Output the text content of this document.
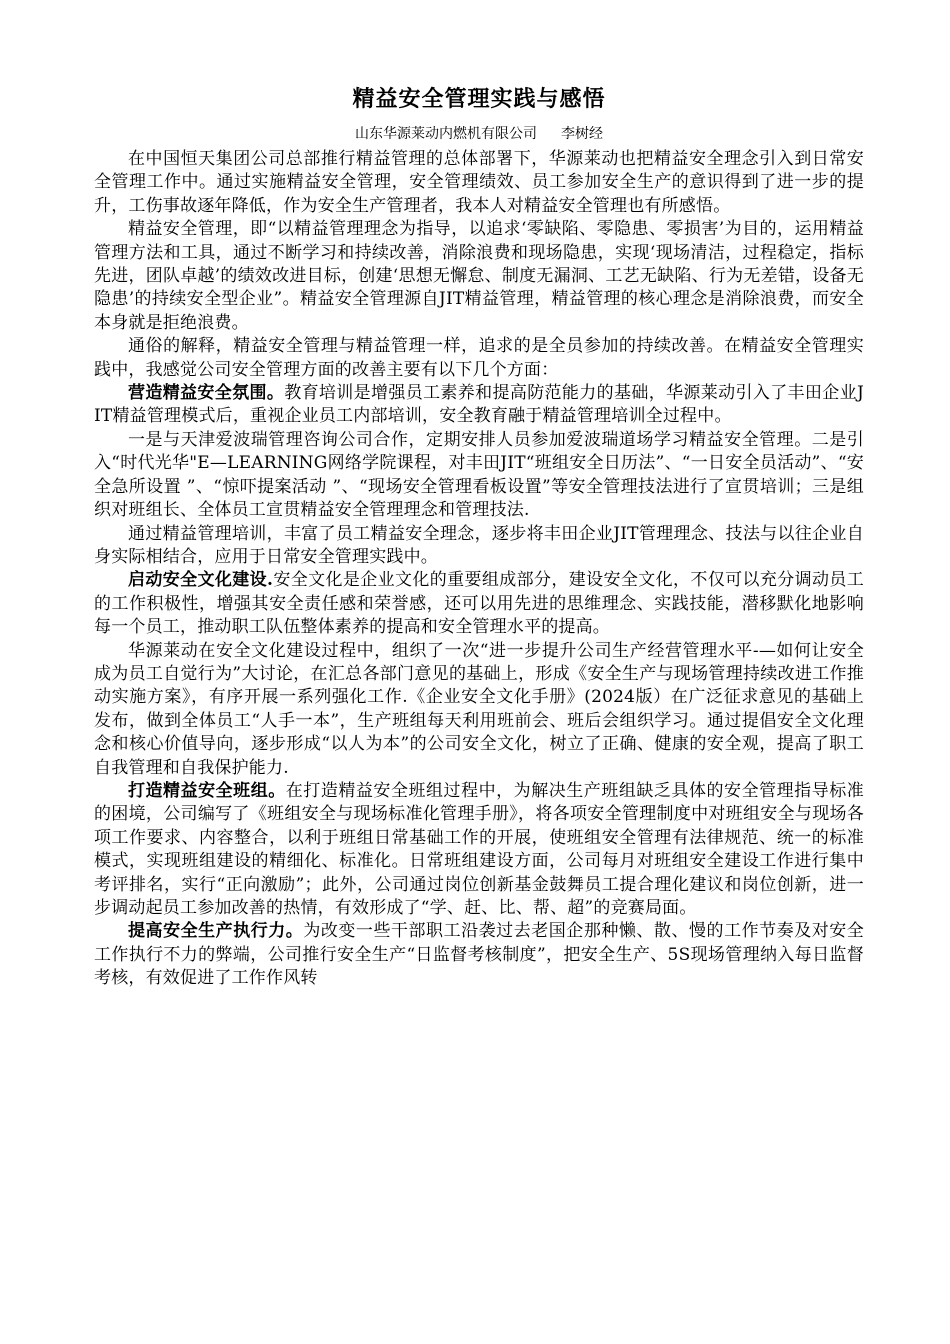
精益安全管理实践与感悟
山东华源莱动内燃机有限公司 李树经

在中国恒天集团公司总部推行精益管理的总体部署下，华源莱动也把精益安全理念引入到日常安全管理工作中。通过实施精益安全管理，安全管理绩效、员工参加安全生产的意识得到了进一步的提升，工伤事故逐年降低，作为安全生产管理者，我本人对精益安全管理也有所感悟。

精益安全管理，即“以精益管理理念为指导，以追求‘零缺陷、零隐患、零损害’为目的，运用精益管理方法和工具，通过不断学习和持续改善，消除浪费和现场隐患，实现‘现场清洁，过程稳定，指标先进，团队卓越’的绩效改进目标，创建‘思想无懈怠、制度无漏洞、工艺无缺陷、行为无差错，设备无隐患’的持续安全型企业”。精益安全管理源自JIT精益管理，精益管理的核心理念是消除浪费，而安全本身就是拒绝浪费。

通俗的解释，精益安全管理与精益管理一样，追求的是全员参加的持续改善。在精益安全管理实践中，我感觉公司安全管理方面的改善主要有以下几个方面：

营造精益安全氛围。教育培训是增强员工素养和提高防范能力的基础，华源莱动引入了丰田企业JIT精益管理模式后，重视企业员工内部培训，安全教育融于精益管理培训全过程中。

一是与天津爱波瑞管理咨询公司合作，定期安排人员参加爱波瑞道场学习精益安全管理。二是引入“时代光华"E—LEARNING网络学院课程，对丰田JIT“班组安全日历法”、“一日安全员活动”、“安全急所设置 ”、“惊吓提案活动 ”、“现场安全管理看板设置”等安全管理技法进行了宣贯培训；三是组织对班组长、全体员工宣贯精益安全管理理念和管理技法.

通过精益管理培训，丰富了员工精益安全理念，逐步将丰田企业JIT管理理念、技法与以往企业自身实际相结合，应用于日常安全管理实践中。

启动安全文化建设.安全文化是企业文化的重要组成部分，建设安全文化，不仅可以充分调动员工的工作积极性，增强其安全责任感和荣誉感，还可以用先进的思维理念、实践技能，潜移默化地影响每一个员工，推动职工队伍整体素养的提高和安全管理水平的提高。

华源莱动在安全文化建设过程中，组织了一次“进一步提升公司生产经营管理水平-—如何让安全成为员工自觉行为”大讨论，在汇总各部门意见的基础上，形成《安全生产与现场管理持续改进工作推动实施方案》，有序开展一系列强化工作.《企业安全文化手册》(2024版）在广泛征求意见的基础上发布，做到全体员工“人手一本”，生产班组每天利用班前会、班后会组织学习。通过提倡安全文化理念和核心价值导向，逐步形成“以人为本”的公司安全文化，树立了正确、健康的安全观，提高了职工自我管理和自我保护能力.

打造精益安全班组。在打造精益安全班组过程中，为解决生产班组缺乏具体的安全管理指导标准的困境，公司编写了《班组安全与现场标准化管理手册》，将各项安全管理制度中对班组安全与现场各项工作要求、内容整合，以利于班组日常基础工作的开展，使班组安全管理有法律规范、统一的标准模式，实现班组建设的精细化、标准化。日常班组建设方面，公司每月对班组安全建设工作进行集中考评排名，实行“正向激励”；此外，公司通过岗位创新基金鼓舞员工提合理化建议和岗位创新，进一步调动起员工参加改善的热情，有效形成了“学、赶、比、帮、超”的竞赛局面。

提高安全生产执行力。为改变一些干部职工沿袭过去老国企那种懒、散、慢的工作节奏及对安全工作执行不力的弊端，公司推行安全生产“日监督考核制度”，把安全生产、5S现场管理纳入每日监督考核，有效促进了工作作风转
